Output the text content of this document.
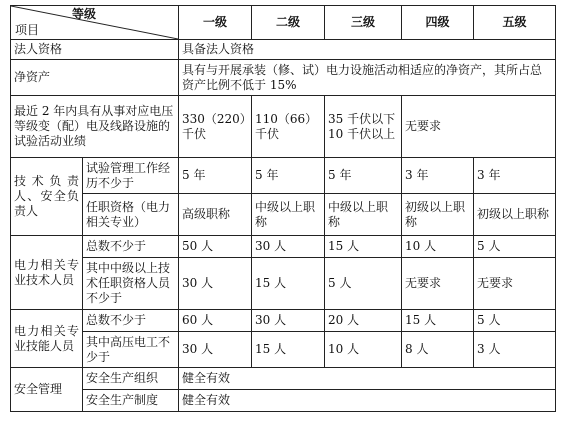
等级
项目		一级	二级	三级	四级	五级
法人资格		具备法人资格				
净资产		具有与开展承装（修、试）电力设施活动相适应的净资产，其所占总资产比例不低于 15%				
最近 2 年内具有从事对应电压等级变（配）电及线路设施的试验活动业绩		330（220）千伏	110（66）千伏	35 千伏以下 10 千伏以上	无要求	
技术负责人、安全负责人	试验管理工作经历不少于	5 年	5 年	5 年	3 年	3 年
	任职资格（电力相关专业）	高级职称	中级以上职称	中级以上职称	初级以上职称	初级以上职称
电力相关专业技术人员	总数不少于	50 人	30 人	15 人	10 人	5 人
	其中中级以上技术任职资格人员不少于	30 人	15 人	5 人	无要求	无要求
电力相关专业技能人员	总数不少于	60 人	30 人	20 人	15 人	5 人
	其中高压电工不少于	30 人	15 人	10 人	8 人	3 人
安全管理	安全生产组织	健全有效				
	安全生产制度	健全有效				
